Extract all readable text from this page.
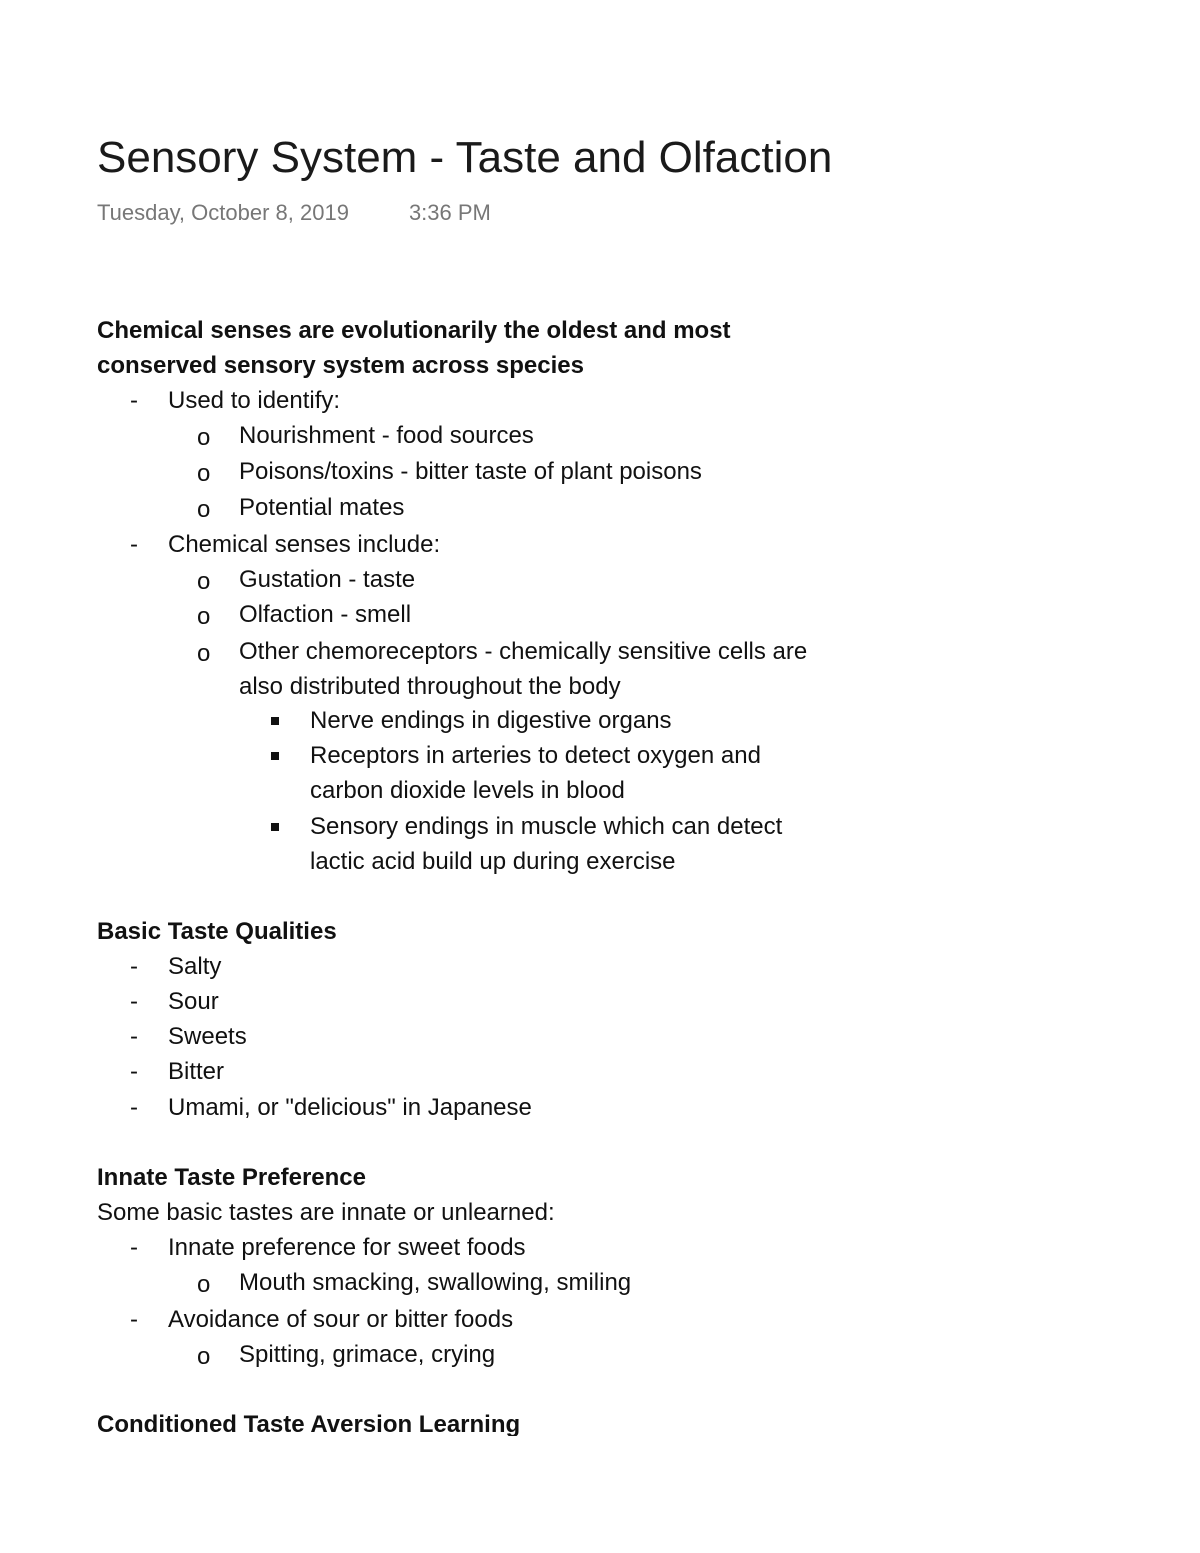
Sensory System - Taste and Olfaction
Tuesday, October 8, 2019	3:36 PM
Chemical senses are evolutionarily the oldest and most
conserved sensory system across species
- Used to identify:
o Nourishment - food sources
o Poisons/toxins - bitter taste of plant poisons
o Potential mates
- Chemical senses include:
o Gustation - taste
o Olfaction - smell
o Other chemoreceptors - chemically sensitive cells are
also distributed throughout the body
Nerve endings in digestive organs
Receptors in arteries to detect oxygen and
carbon dioxide levels in blood
Sensory endings in muscle which can detect
lactic acid build up during exercise
Basic Taste Qualities
- Salty
- Sour
- Sweets
- Bitter
- Umami, or "delicious" in Japanese
Innate Taste Preference
Some basic tastes are innate or unlearned:
- Innate preference for sweet foods
o Mouth smacking, swallowing, smiling
- Avoidance of sour or bitter foods
o Spitting, grimace, crying
Conditioned Taste Aversion Learning
